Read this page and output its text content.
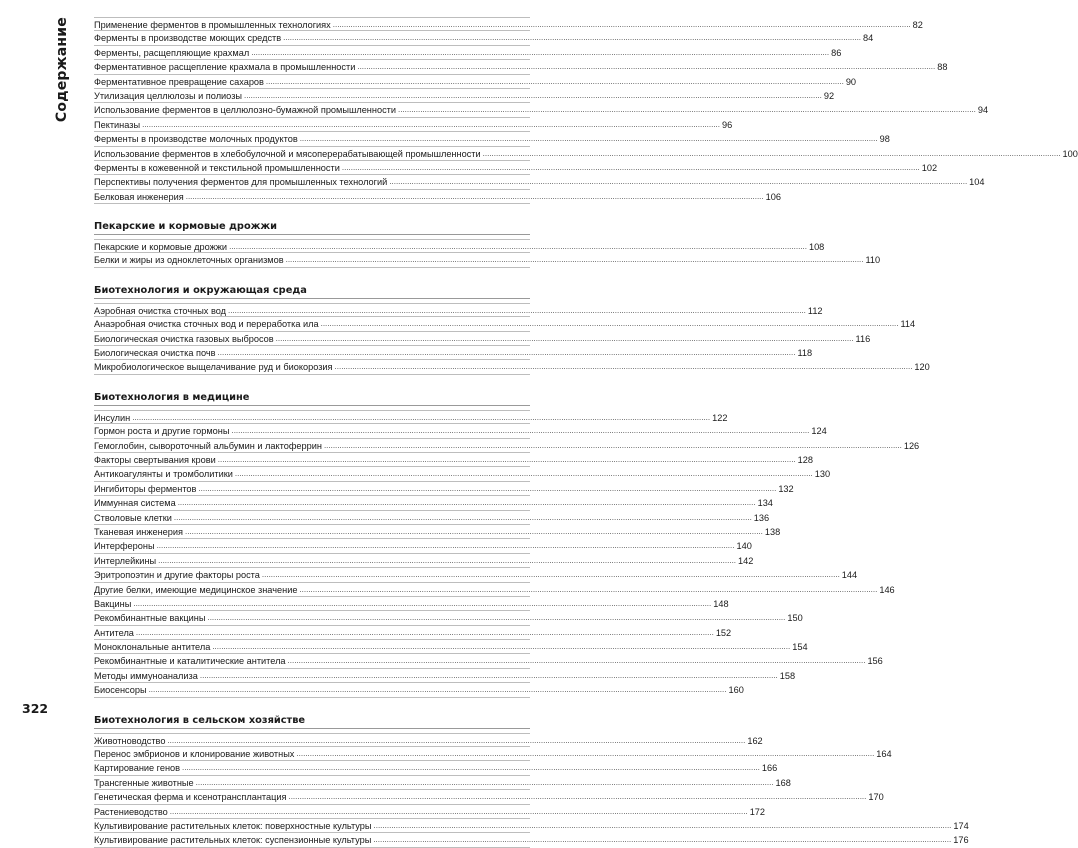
Содержание
322
Применение ферментов в промышленных технологиях .................................................................................................................................................................................................................................................................... 82
Ферменты в производстве моющих средств .................................................................................................................................................................................................................................................................... 84
Ферменты, расщепляющие крахмал .................................................................................................................................................................................................................................................................... 86
Ферментативное расщепление крахмала в промышленности .................................................................................................................................................................................................................................................................... 88
Ферментативное превращение сахаров .................................................................................................................................................................................................................................................................... 90
Утилизация целлюлозы и полиозы .................................................................................................................................................................................................................................................................... 92
Использование ферментов в целлюлозно-бумажной промышленности .................................................................................................................................................................................................................................................................... 94
Пектиназы .................................................................................................................................................................................................................................................................... 96
Ферменты в производстве молочных продуктов .................................................................................................................................................................................................................................................................... 98
Использование ферментов в хлебобулочной и мясоперерабатывающей промышленности .................................................................................................................................................................................................................................................................... 100
Ферменты в кожевенной и текстильной промышленности .................................................................................................................................................................................................................................................................... 102
Перспективы получения ферментов для промышленных технологий .................................................................................................................................................................................................................................................................... 104
Белковая инженерия .................................................................................................................................................................................................................................................................... 106
Пекарские и кормовые дрожжи
Пекарские и кормовые дрожжи .................................................................................................................................................................................................................................................................... 108
Белки и жиры из одноклеточных организмов .................................................................................................................................................................................................................................................................... 110
Биотехнология и окружающая среда
Аэробная очистка сточных вод .................................................................................................................................................................................................................................................................... 112
Анаэробная очистка сточных вод и переработка ила .................................................................................................................................................................................................................................................................... 114
Биологическая очистка газовых выбросов .................................................................................................................................................................................................................................................................... 116
Биологическая очистка почв .................................................................................................................................................................................................................................................................... 118
Микробиологическое выщелачивание руд и биокорозия .................................................................................................................................................................................................................................................................... 120
Биотехнология в медицине
Инсулин .................................................................................................................................................................................................................................................................... 122
Гормон роста и другие гормоны .................................................................................................................................................................................................................................................................... 124
Гемоглобин, сывороточный альбумин и лактоферрин .................................................................................................................................................................................................................................................................... 126
Факторы свертывания крови .................................................................................................................................................................................................................................................................... 128
Антикоагулянты и тромболитики .................................................................................................................................................................................................................................................................... 130
Ингибиторы ферментов .................................................................................................................................................................................................................................................................... 132
Иммунная система .................................................................................................................................................................................................................................................................... 134
Стволовые клетки .................................................................................................................................................................................................................................................................... 136
Тканевая инженерия .................................................................................................................................................................................................................................................................... 138
Интерфероны .................................................................................................................................................................................................................................................................... 140
Интерлейкины .................................................................................................................................................................................................................................................................... 142
Эритропоэтин и другие факторы роста .................................................................................................................................................................................................................................................................... 144
Другие белки, имеющие медицинское значение .................................................................................................................................................................................................................................................................... 146
Вакцины .................................................................................................................................................................................................................................................................... 148
Рекомбинантные вакцины .................................................................................................................................................................................................................................................................... 150
Антитела .................................................................................................................................................................................................................................................................... 152
Моноклональные антитела .................................................................................................................................................................................................................................................................... 154
Рекомбинантные и каталитические антитела .................................................................................................................................................................................................................................................................... 156
Методы иммуноанализа .................................................................................................................................................................................................................................................................... 158
Биосенсоры .................................................................................................................................................................................................................................................................... 160
Биотехнология в сельском хозяйстве
Животноводство .................................................................................................................................................................................................................................................................... 162
Перенос эмбрионов и клонирование животных .................................................................................................................................................................................................................................................................... 164
Картирование генов .................................................................................................................................................................................................................................................................... 166
Трансгенные животные .................................................................................................................................................................................................................................................................... 168
Генетическая ферма и ксенотрансплантация .................................................................................................................................................................................................................................................................... 170
Растениеводство .................................................................................................................................................................................................................................................................... 172
Культивирование растительных клеток: поверхностные культуры .................................................................................................................................................................................................................................................................... 174
Культивирование растительных клеток: суспензионные культуры .................................................................................................................................................................................................................................................................... 176
